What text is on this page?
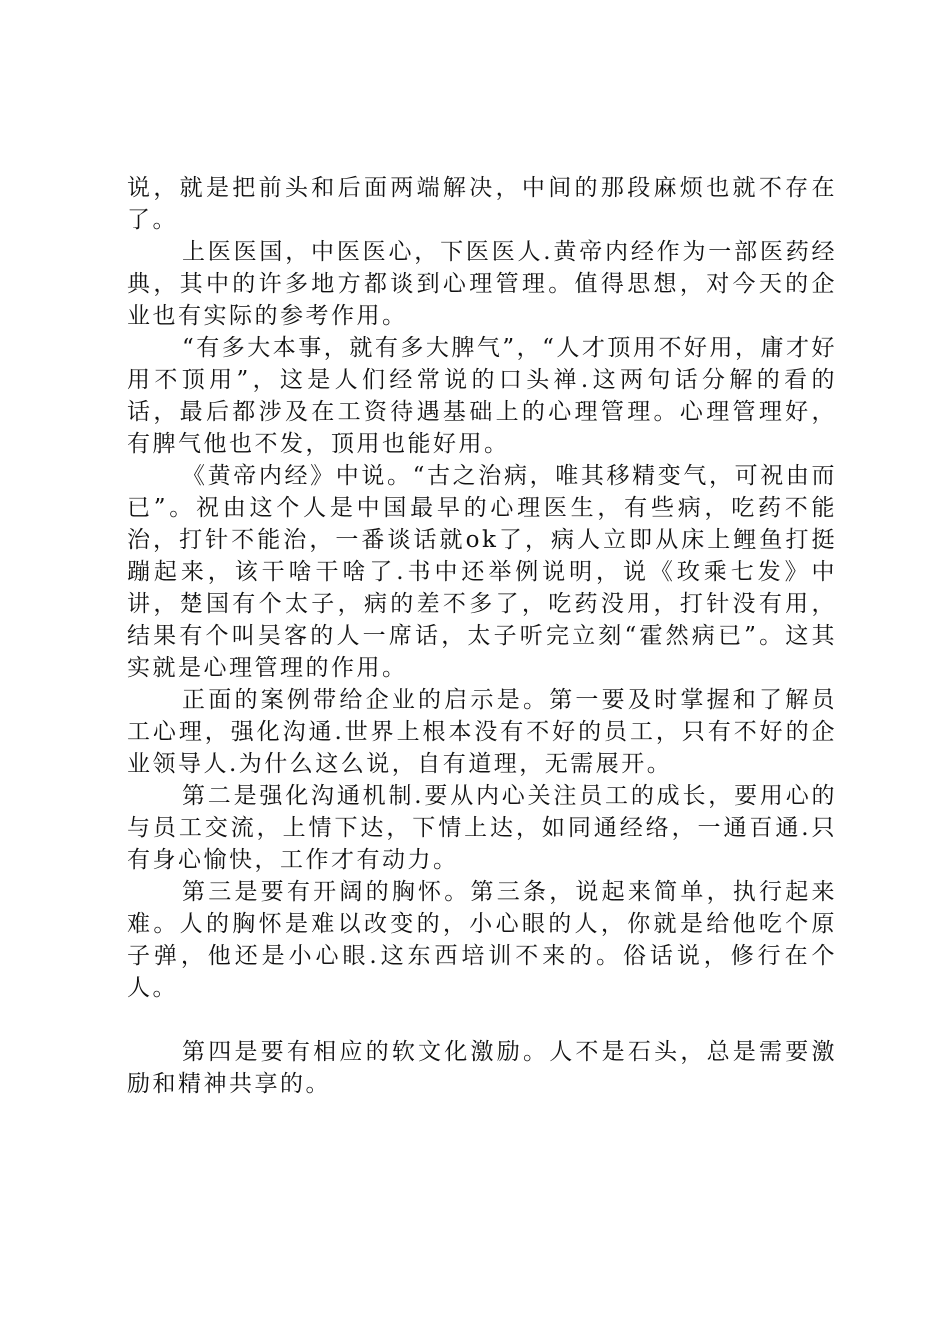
说，就是把前头和后面两端解决，中间的那段麻烦也就不存在了。

上医医国，中医医心，下医医人.黄帝内经作为一部医药经典，其中的许多地方都谈到心理管理。值得思想，对今天的企业也有实际的参考作用。

“有多大本事，就有多大脾气”，“人才顶用不好用，庸才好用不顶用”，这是人们经常说的口头禅.这两句话分解的看的话，最后都涉及在工资待遇基础上的心理管理。心理管理好，有脾气他也不发，顶用也能好用。

《黄帝内经》中说。“古之治病，唯其移精变气，可祝由而已”。祝由这个人是中国最早的心理医生，有些病，吃药不能治，打针不能治，一番谈话就ok了，病人立即从床上鲤鱼打挺蹦起来，该干啥干啥了.书中还举例说明，说《玫乘七发》中讲，楚国有个太子，病的差不多了，吃药没用，打针没有用，结果有个叫吴客的人一席话，太子听完立刻“霍然病已”。这其实就是心理管理的作用。

正面的案例带给企业的启示是。第一要及时掌握和了解员工心理，强化沟通.世界上根本没有不好的员工，只有不好的企业领导人.为什么这么说，自有道理，无需展开。

第二是强化沟通机制.要从内心关注员工的成长，要用心的与员工交流，上情下达，下情上达，如同通经络，一通百通.只有身心愉快，工作才有动力。

第三是要有开阔的胸怀。第三条，说起来简单，执行起来难。人的胸怀是难以改变的，小心眼的人，你就是给他吃个原子弹，他还是小心眼.这东西培训不来的。俗话说，修行在个人。

第四是要有相应的软文化激励。人不是石头，总是需要激励和精神共享的。
